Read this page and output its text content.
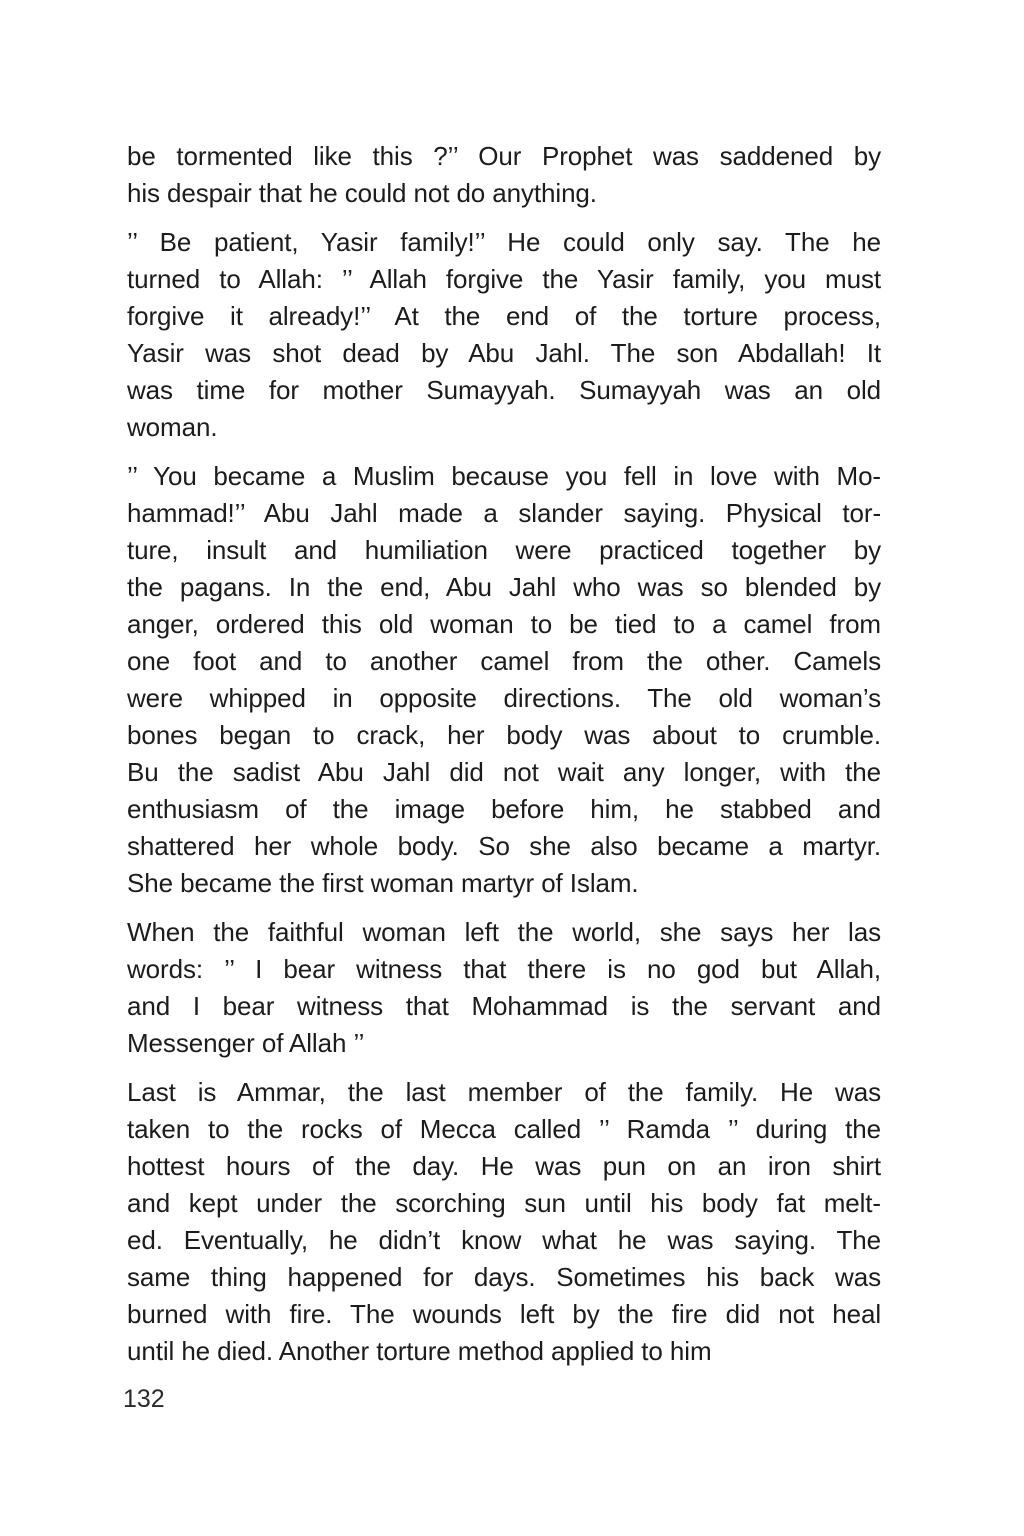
be tormented like this ?’’ Our Prophet was saddened by
his despair that he could not do anything.

’’ Be patient, Yasir family!’’ He could only say. The he
turned to Allah: ’’ Allah forgive the Yasir family, you must
forgive it already!’’ At the end of the torture process,
Yasir was shot dead by Abu Jahl. The son Abdallah! It
was time for mother Sumayyah. Sumayyah was an old
woman.

’’ You became a Muslim because you fell in love with Mo-
hammad!’’ Abu Jahl made a slander saying. Physical tor-
ture, insult and humiliation were practiced together by
the pagans. In the end, Abu Jahl who was so blended by
anger, ordered this old woman to be tied to a camel from
one foot and to another camel from the other. Camels
were whipped in opposite directions. The old woman’s
bones began to crack, her body was about to crumble.
Bu the sadist Abu Jahl did not wait any longer, with the
enthusiasm of the image before him, he stabbed and
shattered her whole body. So she also became a martyr.
She became the first woman martyr of Islam.

When the faithful woman left the world, she says her las
words: ’’ I bear witness that there is no god but Allah,
and I bear witness that Mohammad is the servant and
Messenger of Allah ’’

Last is Ammar, the last member of the family. He was
taken to the rocks of Mecca called ’’ Ramda ’’ during the
hottest hours of the day. He was pun on an iron shirt
and kept under the scorching sun until his body fat melt-
ed. Eventually, he didn’t know what he was saying. The
same thing happened for days. Sometimes his back was
burned with fire. The wounds left by the fire did not heal
until he died. Another torture method applied to him

132
